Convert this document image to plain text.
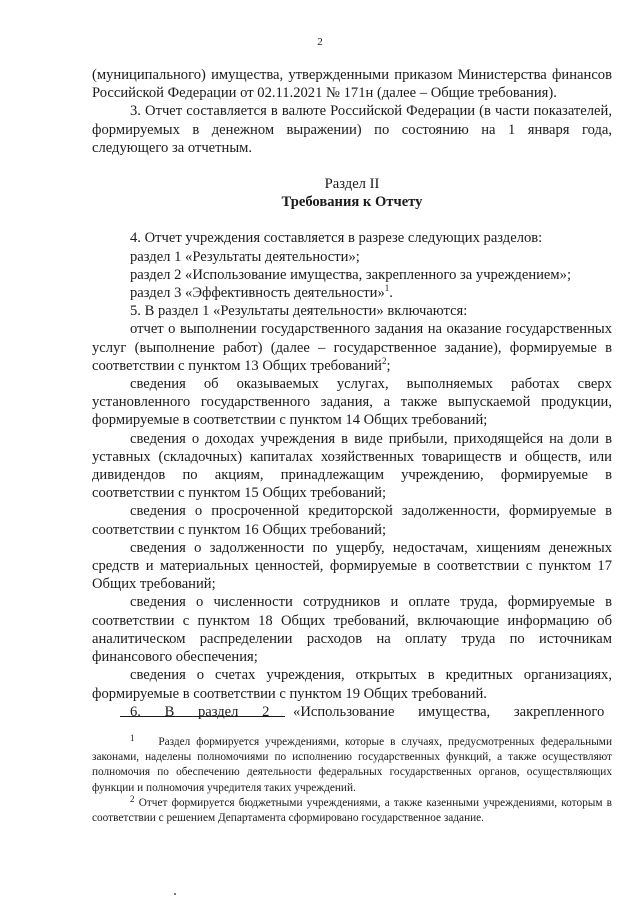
2

(муниципального) имущества, утвержденными приказом Министерства финансов Российской Федерации от 02.11.2021 № 171н (далее – Общие требования).

3. Отчет составляется в валюте Российской Федерации (в части показателей, формируемых в денежном выражении) по состоянию на 1 января года, следующего за отчетным.

Раздел II

Требования к Отчету

4. Отчет учреждения составляется в разрезе следующих разделов:

раздел 1 «Результаты деятельности»;

раздел 2 «Использование имущества, закрепленного за учреждением»;

раздел 3 «Эффективность деятельности»$^1$.

5. В раздел 1 «Результаты деятельности» включаются:

отчет о выполнении государственного задания на оказание государственных услуг (выполнение работ) (далее – государственное задание), формируемые в соответствии с пунктом 13 Общих требований$^2$;

сведения об оказываемых услугах, выполняемых работах сверх установленного государственного задания, а также выпускаемой продукции, формируемые в соответствии с пунктом 14 Общих требований;

сведения о доходах учреждения в виде прибыли, приходящейся на доли в уставных (складочных) капиталах хозяйственных товариществ и обществ, или дивидендов по акциям, принадлежащим учреждению, формируемые в соответствии с пунктом 15 Общих требований;

сведения о просроченной кредиторской задолженности, формируемые в соответствии с пунктом 16 Общих требований;

сведения о задолженности по ущербу, недостачам, хищениям денежных средств и материальных ценностей, формируемые в соответствии с пунктом 17 Общих требований;

сведения о численности сотрудников и оплате труда, формируемые в соответствии с пунктом 18 Общих требований, включающие информацию об аналитическом распределении расходов на оплату труда по источникам финансового обеспечения;

сведения о счетах учреждения, открытых в кредитных организациях, формируемые в соответствии с пунктом 19 Общих требований.

6. В раздел 2 «Использование имущества, закрепленного

$^1$ Раздел формируется учреждениями, которые в случаях, предусмотренных федеральными законами, наделены полномочиями по исполнению государственных функций, а также осуществляют полномочия по обеспечению деятельности федеральных государственных органов, осуществляющих функции и полномочия учредителя таких учреждений.

$^2$ Отчет формируется бюджетными учреждениями, а также казенными учреждениями, которым в соответствии с решением Департамента сформировано государственное задание.
